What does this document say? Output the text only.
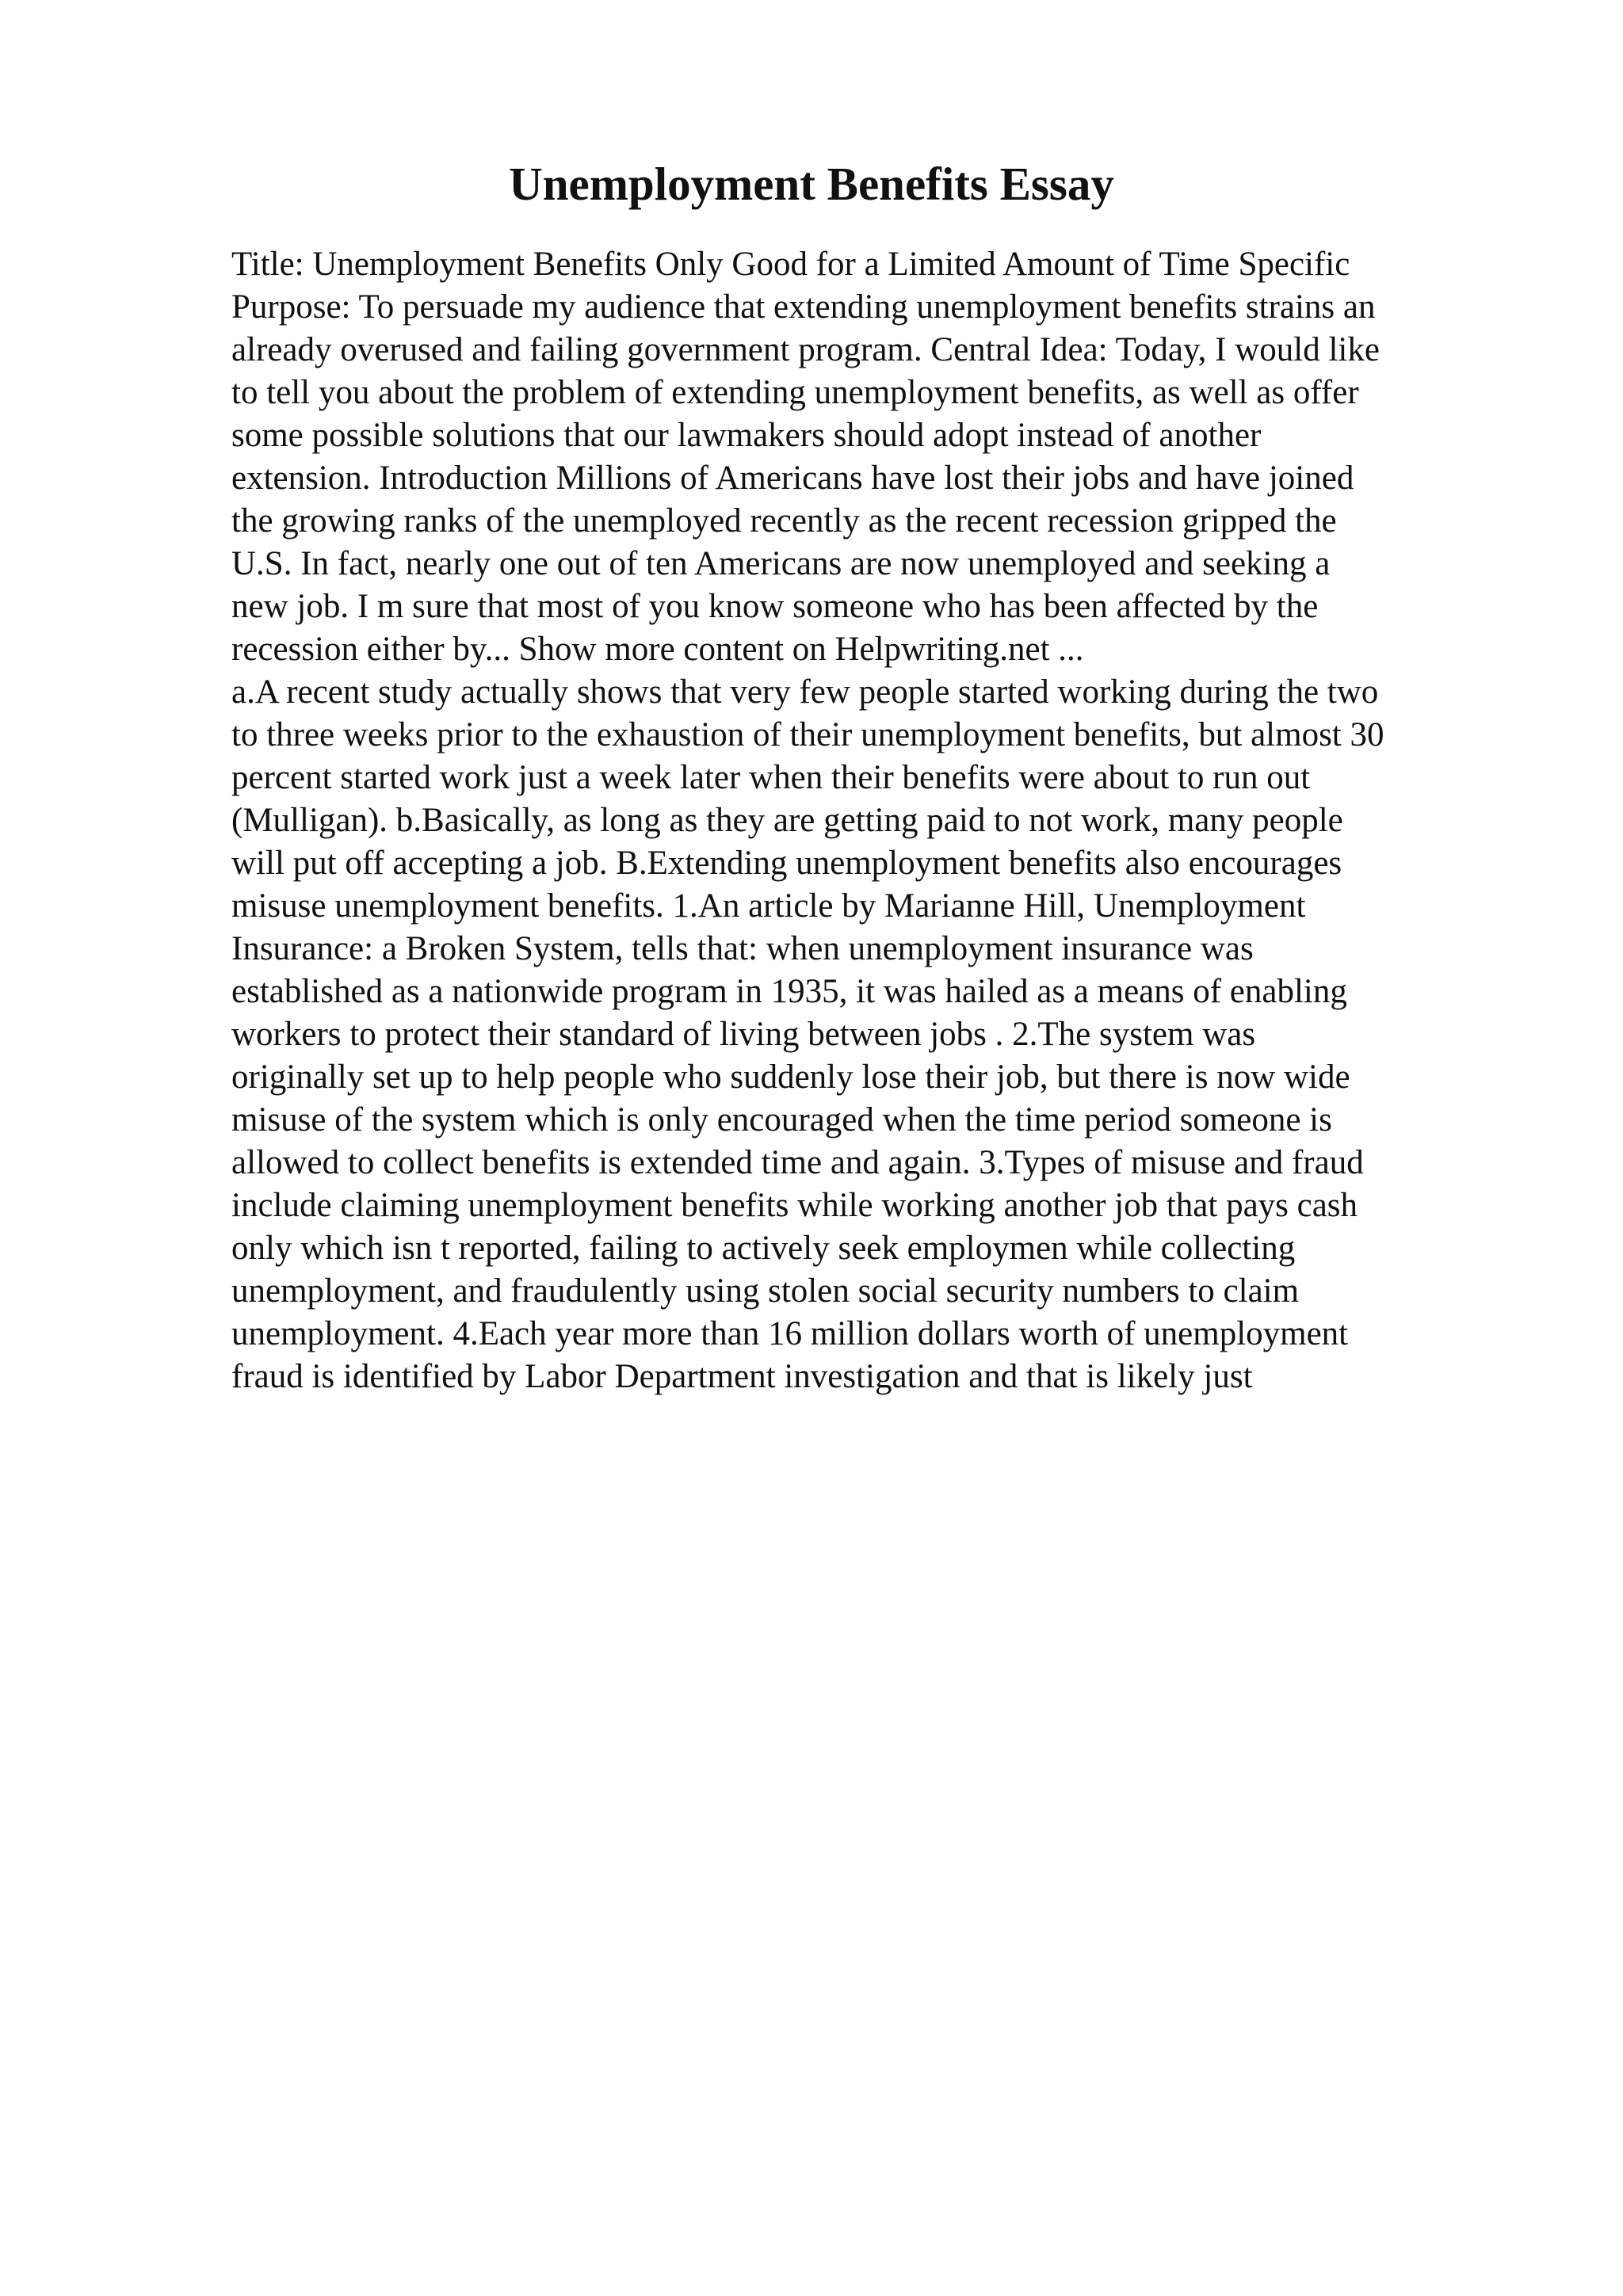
Unemployment Benefits Essay

Title: Unemployment Benefits Only Good for a Limited Amount of Time Specific
Purpose: To persuade my audience that extending unemployment benefits strains an
already overused and failing government program. Central Idea: Today, I would like
to tell you about the problem of extending unemployment benefits, as well as offer
some possible solutions that our lawmakers should adopt instead of another
extension. Introduction Millions of Americans have lost their jobs and have joined
the growing ranks of the unemployed recently as the recent recession gripped the
U.S. In fact, nearly one out of ten Americans are now unemployed and seeking a
new job. I m sure that most of you know someone who has been affected by the
recession either by... Show more content on Helpwriting.net ...

a.A recent study actually shows that very few people started working during the two
to three weeks prior to the exhaustion of their unemployment benefits, but almost 30
percent started work just a week later when their benefits were about to run out
(Mulligan). b.Basically, as long as they are getting paid to not work, many people
will put off accepting a job. B.Extending unemployment benefits also encourages
misuse unemployment benefits. 1.An article by Marianne Hill, Unemployment
Insurance: a Broken System, tells that: when unemployment insurance was
established as a nationwide program in 1935, it was hailed as a means of enabling
workers to protect their standard of living between jobs . 2.The system was
originally set up to help people who suddenly lose their job, but there is now wide
misuse of the system which is only encouraged when the time period someone is
allowed to collect benefits is extended time and again. 3.Types of misuse and fraud
include claiming unemployment benefits while working another job that pays cash
only which isn t reported, failing to actively seek employmen while collecting
unemployment, and fraudulently using stolen social security numbers to claim
unemployment. 4.Each year more than 16 million dollars worth of unemployment
fraud is identified by Labor Department investigation and that is likely just
